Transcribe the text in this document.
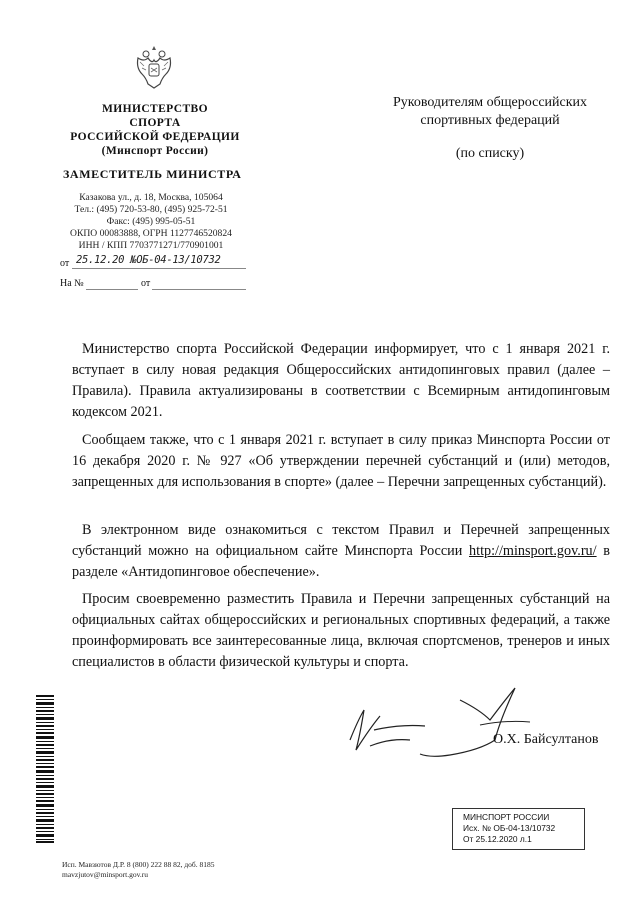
МИНИСТЕРСТВО
СПОРТА
РОССИЙСКОЙ ФЕДЕРАЦИИ
(Минспорт России)
ЗАМЕСТИТЕЛЬ МИНИСТРА
Казакова ул., д. 18, Москва, 105064
Тел.: (495) 720-53-80, (495) 925-72-51
Факс: (495) 995-05-51
ОКПО 00083888, ОГРН 1127746520824
ИНН / КПП 7703771271/770901001
от 25.12.20 №ОБ-04-13/10732
На №	от
Руководителям общероссийских
спортивных федераций
(по списку)
Министерство спорта Российской Федерации информирует, что с 1 января 2021 г. вступает в силу новая редакция Общероссийских антидопинговых правил (далее – Правила). Правила актуализированы в соответствии с Всемирным антидопинговым кодексом 2021.
Сообщаем также, что с 1 января 2021 г. вступает в силу приказ Минспорта России от 16 декабря 2020 г. № 927 «Об утверждении перечней субстанций и (или) методов, запрещенных для использования в спорте» (далее – Перечни запрещенных субстанций).
В электронном виде ознакомиться с текстом Правил и Перечней запрещенных субстанций можно на официальном сайте Минспорта России http://minsport.gov.ru/ в разделе «Антидопинговое обеспечение».
Просим своевременно разместить Правила и Перечни запрещенных субстанций на официальных сайтах общероссийских и региональных спортивных федераций, а также проинформировать все заинтересованные лица, включая спортсменов, тренеров и иных специалистов в области физической культуры и спорта.
О.Х. Байсултанов
МИНСПОРТ РОССИИ
Исх. № ОБ-04-13/10732
От 25.12.2020 л.1
Исп. Мавзютов Д.Р. 8 (800) 222 88 82, доб. 8185
mavzjutov@minsport.gov.ru
